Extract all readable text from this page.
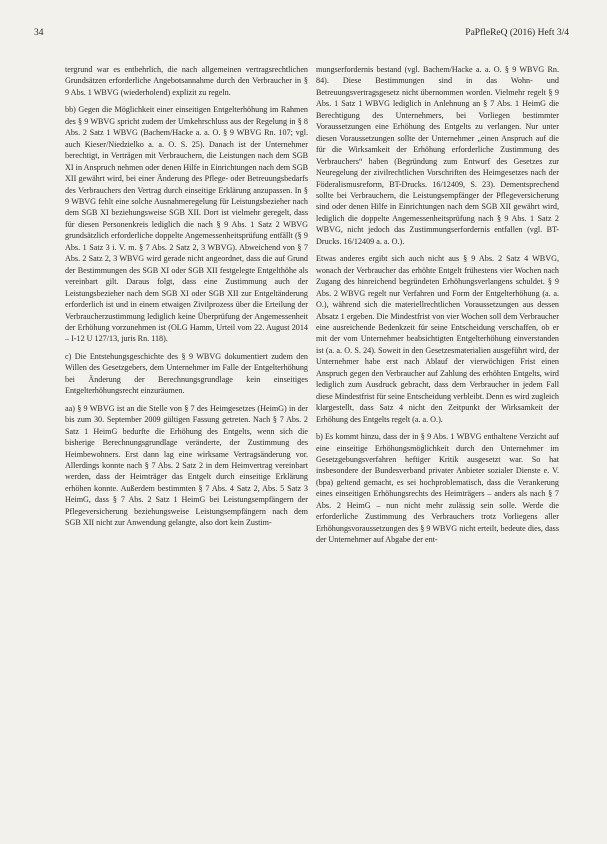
34	PaPfleReQ (2016) Heft 3/4

tergrund war es entbehrlich, die nach allgemeinen vertragsrechtlichen Grundsätzen erforderliche Angebotsannahme durch den Verbraucher in § 9 Abs. 1 WBVG (wiederholend) explizit zu regeln.

bb) Gegen die Möglichkeit einer einseitigen Entgelterhöhung im Rahmen des § 9 WBVG spricht zudem der Umkehrschluss aus der Regelung in § 8 Abs. 2 Satz 1 WBVG (Bachem/Hacke a. a. O. § 9 WBVG Rn. 107; vgl. auch Kieser/Niedzielko a. a. O. S. 25). Danach ist der Unternehmer berechtigt, in Verträgen mit Verbrauchern, die Leistungen nach dem SGB XI in Anspruch nehmen oder denen Hilfe in Einrichtungen nach dem SGB XII gewährt wird, bei einer Änderung des Pflege- oder Betreuungsbedarfs des Verbrauchers den Vertrag durch einseitige Erklärung anzupassen. In § 9 WBVG fehlt eine solche Ausnahmeregelung für Leistungsbezieher nach dem SGB XI beziehungsweise SGB XII. Dort ist vielmehr geregelt, dass für diesen Personenkreis lediglich die nach § 9 Abs. 1 Satz 2 WBVG grundsätzlich erforderliche doppelte Angemessenheitsprüfung entfällt (§ 9 Abs. 1 Satz 3 i. V. m. § 7 Abs. 2 Satz 2, 3 WBVG). Abweichend von § 7 Abs. 2 Satz 2, 3 WBVG wird gerade nicht angeordnet, dass die auf Grund der Bestimmungen des SGB XI oder SGB XII festgelegte Entgelthöhe als vereinbart gilt. Daraus folgt, dass eine Zustimmung auch der Leistungsbezieher nach dem SGB XI oder SGB XII zur Entgeltänderung erforderlich ist und in einem etwaigen Zivilprozess über die Erteilung der Verbraucherzustimmung lediglich keine Überprüfung der Angemessenheit der Erhöhung vorzunehmen ist (OLG Hamm, Urteil vom 22. August 2014 – I-12 U 127/13, juris Rn. 118).

c) Die Entstehungsgeschichte des § 9 WBVG dokumentiert zudem den Willen des Gesetzgebers, dem Unternehmer im Falle der Entgelterhöhung bei Änderung der Berechnungsgrundlage kein einseitiges Entgelterhöhungsrecht einzuräumen.

aa) § 9 WBVG ist an die Stelle von § 7 des Heimgesetzes (HeimG) in der bis zum 30. September 2009 gültigen Fassung getreten. Nach § 7 Abs. 2 Satz 1 HeimG bedurfte die Erhöhung des Entgelts, wenn sich die bisherige Berechnungsgrundlage veränderte, der Zustimmung des Heimbewohners. Erst dann lag eine wirksame Vertragsänderung vor. Allerdings konnte nach § 7 Abs. 2 Satz 2 in dem Heimvertrag vereinbart werden, dass der Heimträger das Entgelt durch einseitige Erklärung erhöhen konnte. Außerdem bestimmten § 7 Abs. 4 Satz 2, Abs. 5 Satz 3 HeimG, dass § 7 Abs. 2 Satz 1 HeimG bei Leistungsempfängern der Pflegeversicherung beziehungsweise Leistungsempfängern nach dem SGB XII nicht zur Anwendung gelangte, also dort kein Zustim-

mungserfordernis bestand (vgl. Bachem/Hacke a. a. O. § 9 WBVG Rn. 84). Diese Bestimmungen sind in das Wohn- und Betreuungsvertragsgesetz nicht übernommen worden. Vielmehr regelt § 9 Abs. 1 Satz 1 WBVG lediglich in Anlehnung an § 7 Abs. 1 HeimG die Berechtigung des Unternehmers, bei Vorliegen bestimmter Voraussetzungen eine Erhöhung des Entgelts zu verlangen. Nur unter diesen Voraussetzungen sollte der Unternehmer „einen Anspruch auf die für die Wirksamkeit der Erhöhung erforderliche Zustimmung des Verbrauchers“ haben (Begründung zum Entwurf des Gesetzes zur Neuregelung der zivilrechtlichen Vorschriften des Heimgesetzes nach der Föderalismusreform, BT-Drucks. 16/12409, S. 23). Dementsprechend sollte bei Verbrauchern, die Leistungsempfänger der Pflegeversicherung sind oder denen Hilfe in Einrichtungen nach dem SGB XII gewährt wird, lediglich die doppelte Angemessenheitsprüfung nach § 9 Abs. 1 Satz 2 WBVG, nicht jedoch das Zustimmungserfordernis entfallen (vgl. BT-Drucks. 16/12409 a. a. O.).

Etwas anderes ergibt sich auch nicht aus § 9 Abs. 2 Satz 4 WBVG, wonach der Verbraucher das erhöhte Entgelt frühestens vier Wochen nach Zugang des hinreichend begründeten Erhöhungsverlangens schuldet. § 9 Abs. 2 WBVG regelt nur Verfahren und Form der Entgelterhöhung (a. a. O.), während sich die materiellrechtlichen Voraussetzungen aus dessen Absatz 1 ergeben. Die Mindestfrist von vier Wochen soll dem Verbraucher eine ausreichende Bedenkzeit für seine Entscheidung verschaffen, ob er mit der vom Unternehmer beabsichtigten Entgelterhöhung einverstanden ist (a. a. O. S. 24). Soweit in den Gesetzesmaterialien ausgeführt wird, der Unternehmer habe erst nach Ablauf der vierwöchigen Frist einen Anspruch gegen den Verbraucher auf Zahlung des erhöhten Entgelts, wird lediglich zum Ausdruck gebracht, dass dem Verbraucher in jedem Fall diese Mindestfrist für seine Entscheidung verbleibt. Denn es wird zugleich klargestellt, dass Satz 4 nicht den Zeitpunkt der Wirksamkeit der Erhöhung des Entgelts regelt (a. a. O.).

b) Es kommt hinzu, dass der in § 9 Abs. 1 WBVG enthaltene Verzicht auf eine einseitige Erhöhungsmöglichkeit durch den Unternehmer im Gesetzgebungsverfahren heftiger Kritik ausgesetzt war. So hat insbesondere der Bundesverband privater Anbieter sozialer Dienste e. V. (bpa) geltend gemacht, es sei hochproblematisch, dass die Verankerung eines einseitigen Erhöhungsrechts des Heimträgers – anders als nach § 7 Abs. 2 HeimG – nun nicht mehr zulässig sein solle. Werde die erforderliche Zustimmung des Verbrauchers trotz Vorliegens aller Erhöhungsvoraussetzungen des § 9 WBVG nicht erteilt, bedeute dies, dass der Unternehmer auf Abgabe der ent-
